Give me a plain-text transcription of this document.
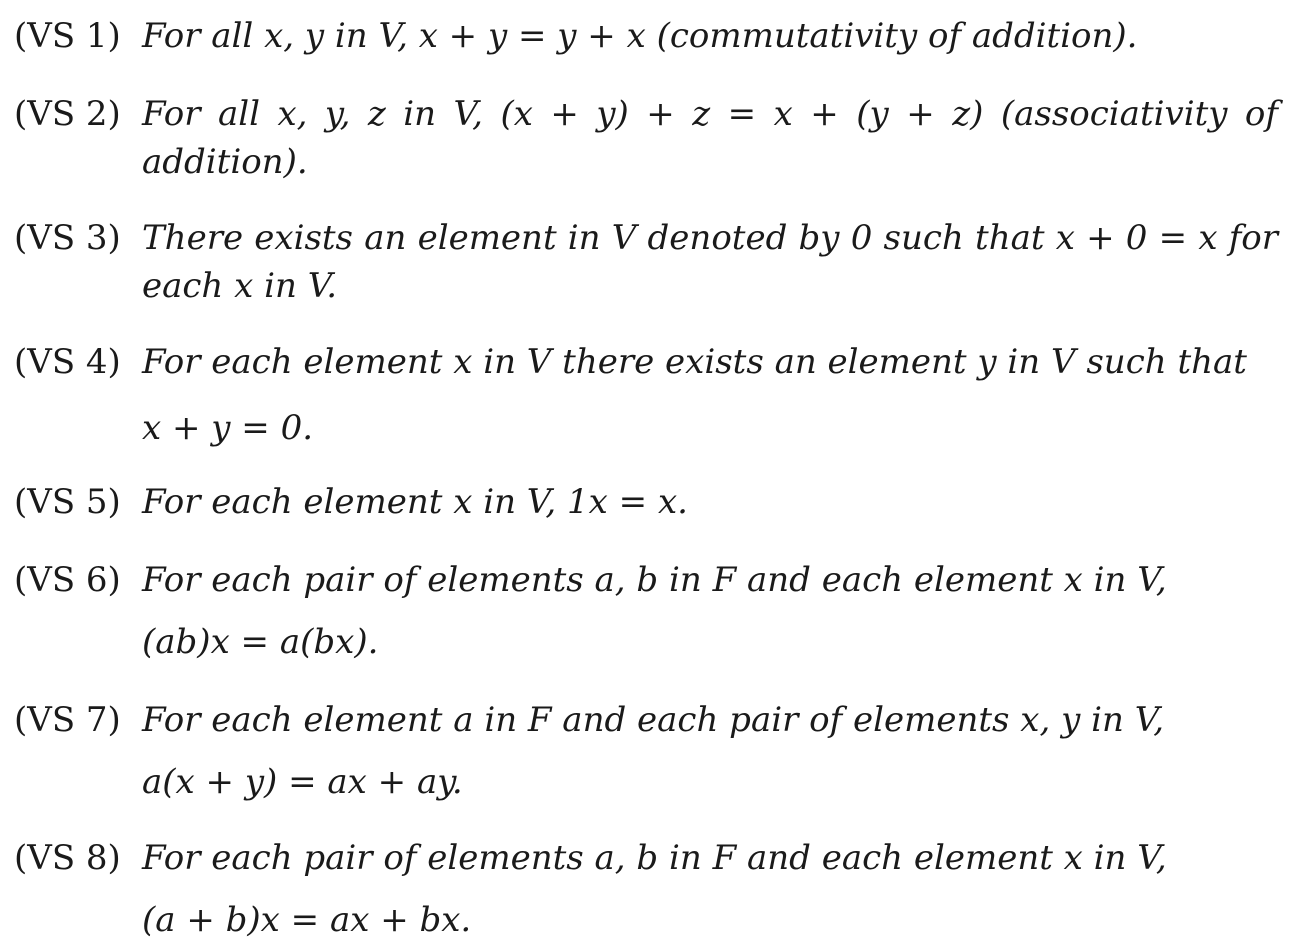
(VS 1) For all x, y in V, x + y = y + x (commutativity of addition).
(VS 2) For all x, y, z in V, (x + y) + z = x + (y + z) (associativity of
addition).
(VS 3) There exists an element in V denoted by 0 such that x + 0 = x for
each x in V.
(VS 4) For each element x in V there exists an element y in V such that
x + y = 0.
(VS 5) For each element x in V, 1x = x.
(VS 6) For each pair of elements a, b in F and each element x in V,
(ab)x = a(bx).
(VS 7) For each element a in F and each pair of elements x, y in V,
a(x + y) = ax + ay.
(VS 8) For each pair of elements a, b in F and each element x in V,
(a + b)x = ax + bx.
